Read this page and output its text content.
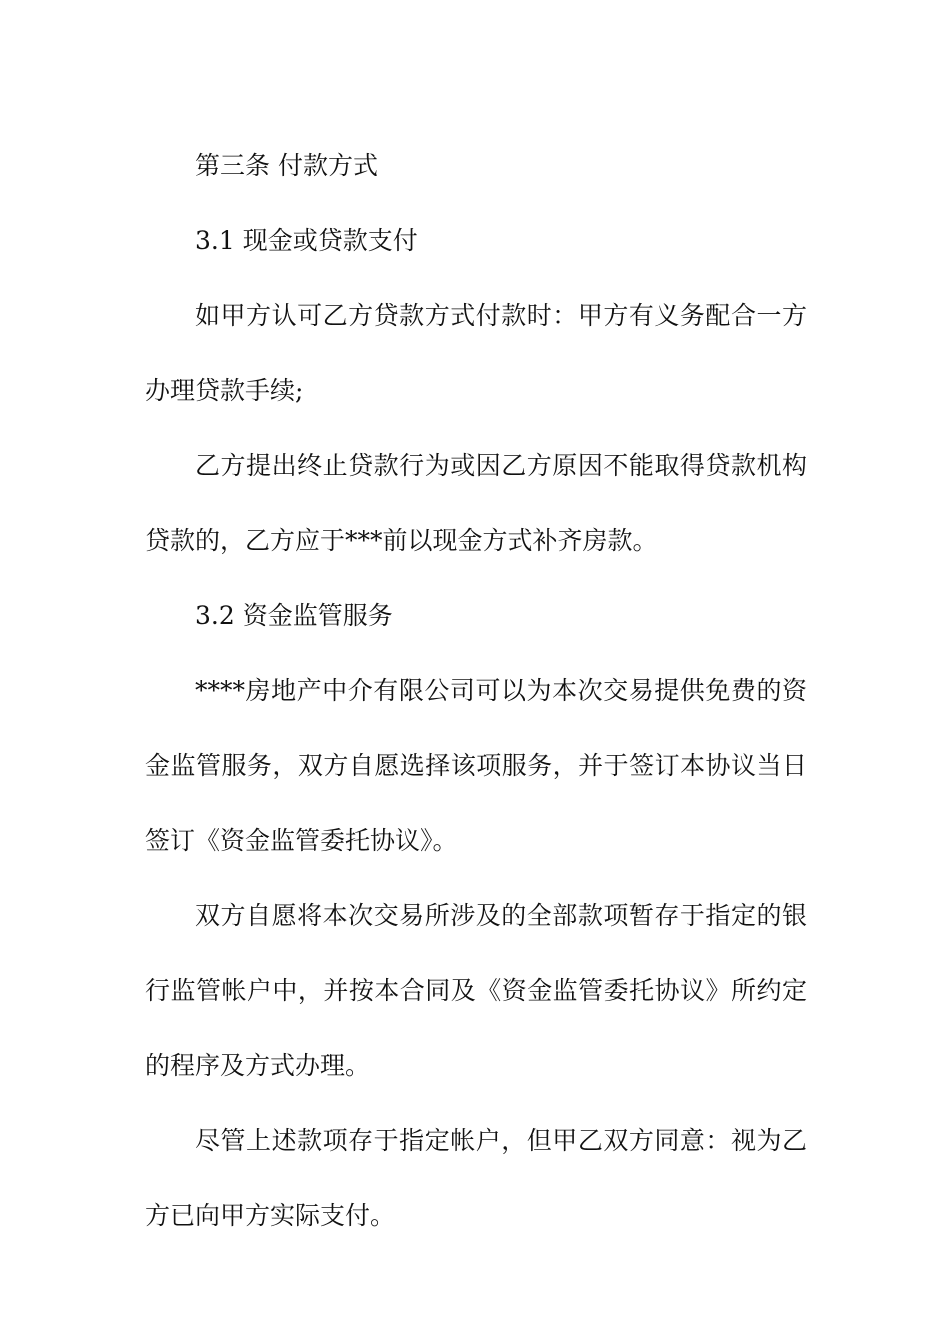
第三条 付款方式

3.1 现金或贷款支付

如甲方认可乙方贷款方式付款时：甲方有义务配合一方办理贷款手续;

乙方提出终止贷款行为或因乙方原因不能取得贷款机构贷款的，乙方应于***前以现金方式补齐房款。

3.2 资金监管服务

****房地产中介有限公司可以为本次交易提供免费的资金监管服务，双方自愿选择该项服务，并于签订本协议当日签订《资金监管委托协议》。

双方自愿将本次交易所涉及的全部款项暂存于指定的银行监管帐户中，并按本合同及《资金监管委托协议》所约定的程序及方式办理。

尽管上述款项存于指定帐户，但甲乙双方同意：视为乙方已向甲方实际支付。
